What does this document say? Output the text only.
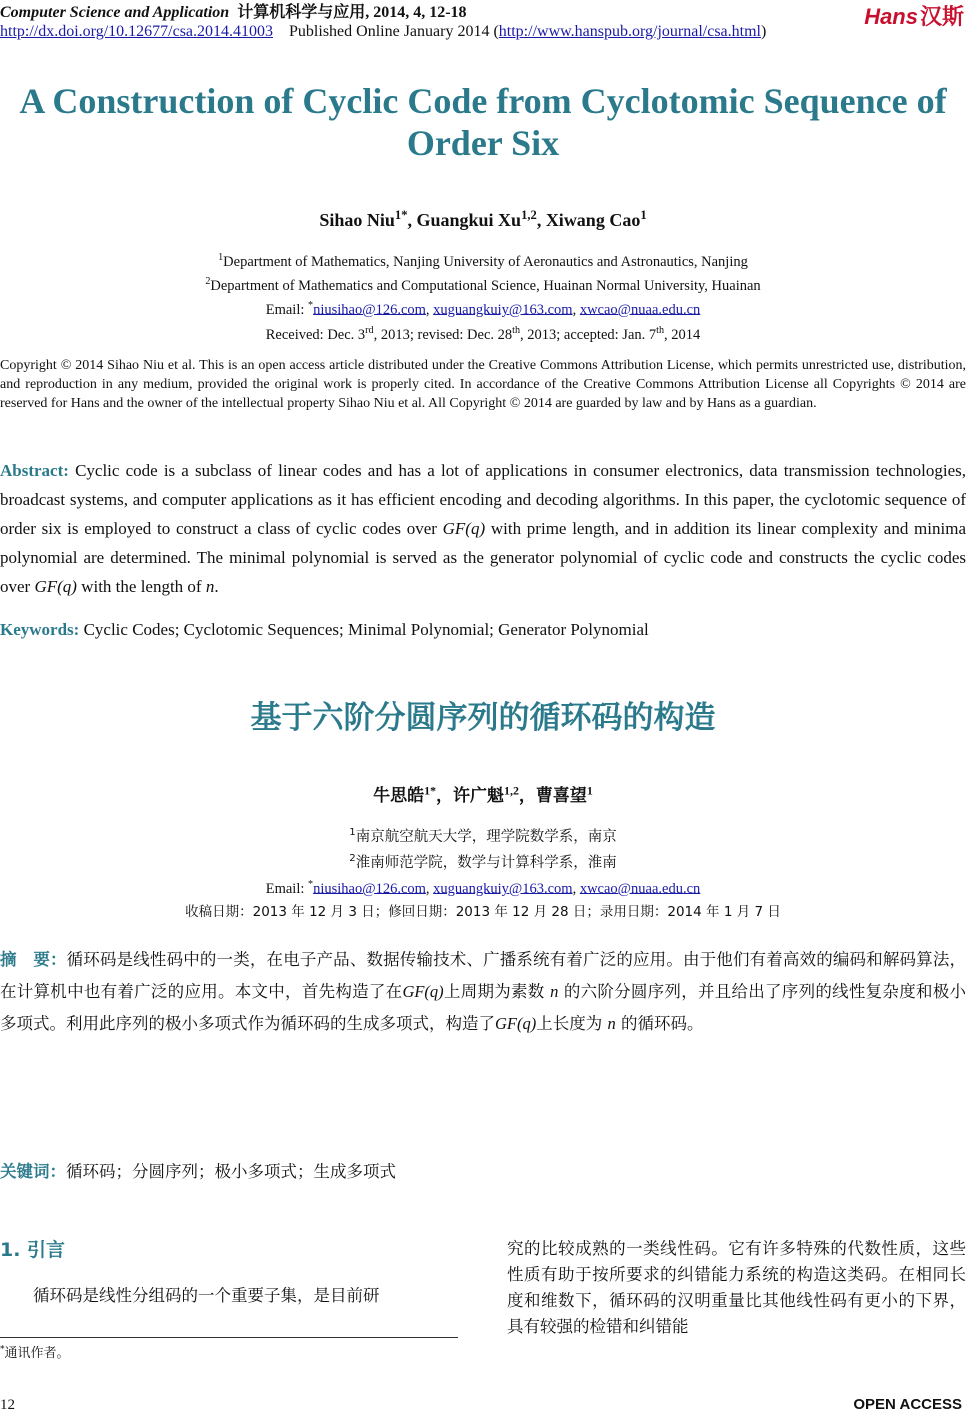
Computer Science and Application 计算机科学与应用, 2014, 4, 12-18
http://dx.doi.org/10.12677/csa.2014.41003 Published Online January 2014 (http://www.hanspub.org/journal/csa.html)
Hans汉斯
A Construction of Cyclic Code from Cyclotomic Sequence of
Order Six
Sihao Niu$^{1*}$, Guangkui Xu$^{1,2}$, Xiwang Cao$^1$
$^1$Department of Mathematics, Nanjing University of Aeronautics and Astronautics, Nanjing
$^2$Department of Mathematics and Computational Science, Huainan Normal University, Huainan
Email: *niusihao@126.com, xuguangkuiy@163.com, xwcao@nuaa.edu.cn
Received: Dec. 3rd, 2013; revised: Dec. 28th, 2013; accepted: Jan. 7th, 2014
Copyright © 2014 Sihao Niu et al. This is an open access article distributed under the Creative Commons Attribution License, which permits unrestricted use, distribution, and reproduction in any medium, provided the original work is properly cited. In accordance of the Creative Commons Attribution License all Copyrights © 2014 are reserved for Hans and the owner of the intellectual property Sihao Niu et al. All Copyright © 2014 are guarded by law and by Hans as a guardian.
Abstract: Cyclic code is a subclass of linear codes and has a lot of applications in consumer electronics, data transmission technologies, broadcast systems, and computer applications as it has efficient encoding and decoding algorithms. In this paper, the cyclotomic sequence of order six is employed to construct a class of cyclic codes over GF(q) with prime length, and in addition its linear complexity and minima polynomial are determined. The minimal polynomial is served as the generator polynomial of cyclic code and constructs the cyclic codes over GF(q) with the length of n.
Keywords: Cyclic Codes; Cyclotomic Sequences; Minimal Polynomial; Generator Polynomial
基于六阶分圆序列的循环码的构造
牛思皓$^{1*}$，许广魁$^{1,2}$，曹喜望$^1$
$^1$南京航空航天大学，理学院数学系，南京
$^2$淮南师范学院，数学与计算科学系，淮南
Email: *niusihao@126.com, xuguangkuiy@163.com, xwcao@nuaa.edu.cn
收稿日期：2013 年 12 月 3 日；修回日期：2013 年 12 月 28 日；录用日期：2014 年 1 月 7 日
摘　要：循环码是线性码中的一类，在电子产品、数据传输技术、广播系统有着广泛的应用。由于他们有着高效的编码和解码算法，在计算机中也有着广泛的应用。本文中，首先构造了在GF(q)上周期为素数 n 的六阶分圆序列，并且给出了序列的线性复杂度和极小多项式。利用此序列的极小多项式作为循环码的生成多项式，构造了GF(q)上长度为 n 的循环码。
关键词：循环码；分圆序列；极小多项式；生成多项式
1. 引言
循环码是线性分组码的一个重要子集，是目前研
究的比较成熟的一类线性码。它有许多特殊的代数性质，这些性质有助于按所要求的纠错能力系统的构造这类码。在相同长度和维数下，循环码的汉明重量比其他线性码有更小的下界，具有较强的检错和纠错能
*通讯作者。
12	OPEN ACCESS
